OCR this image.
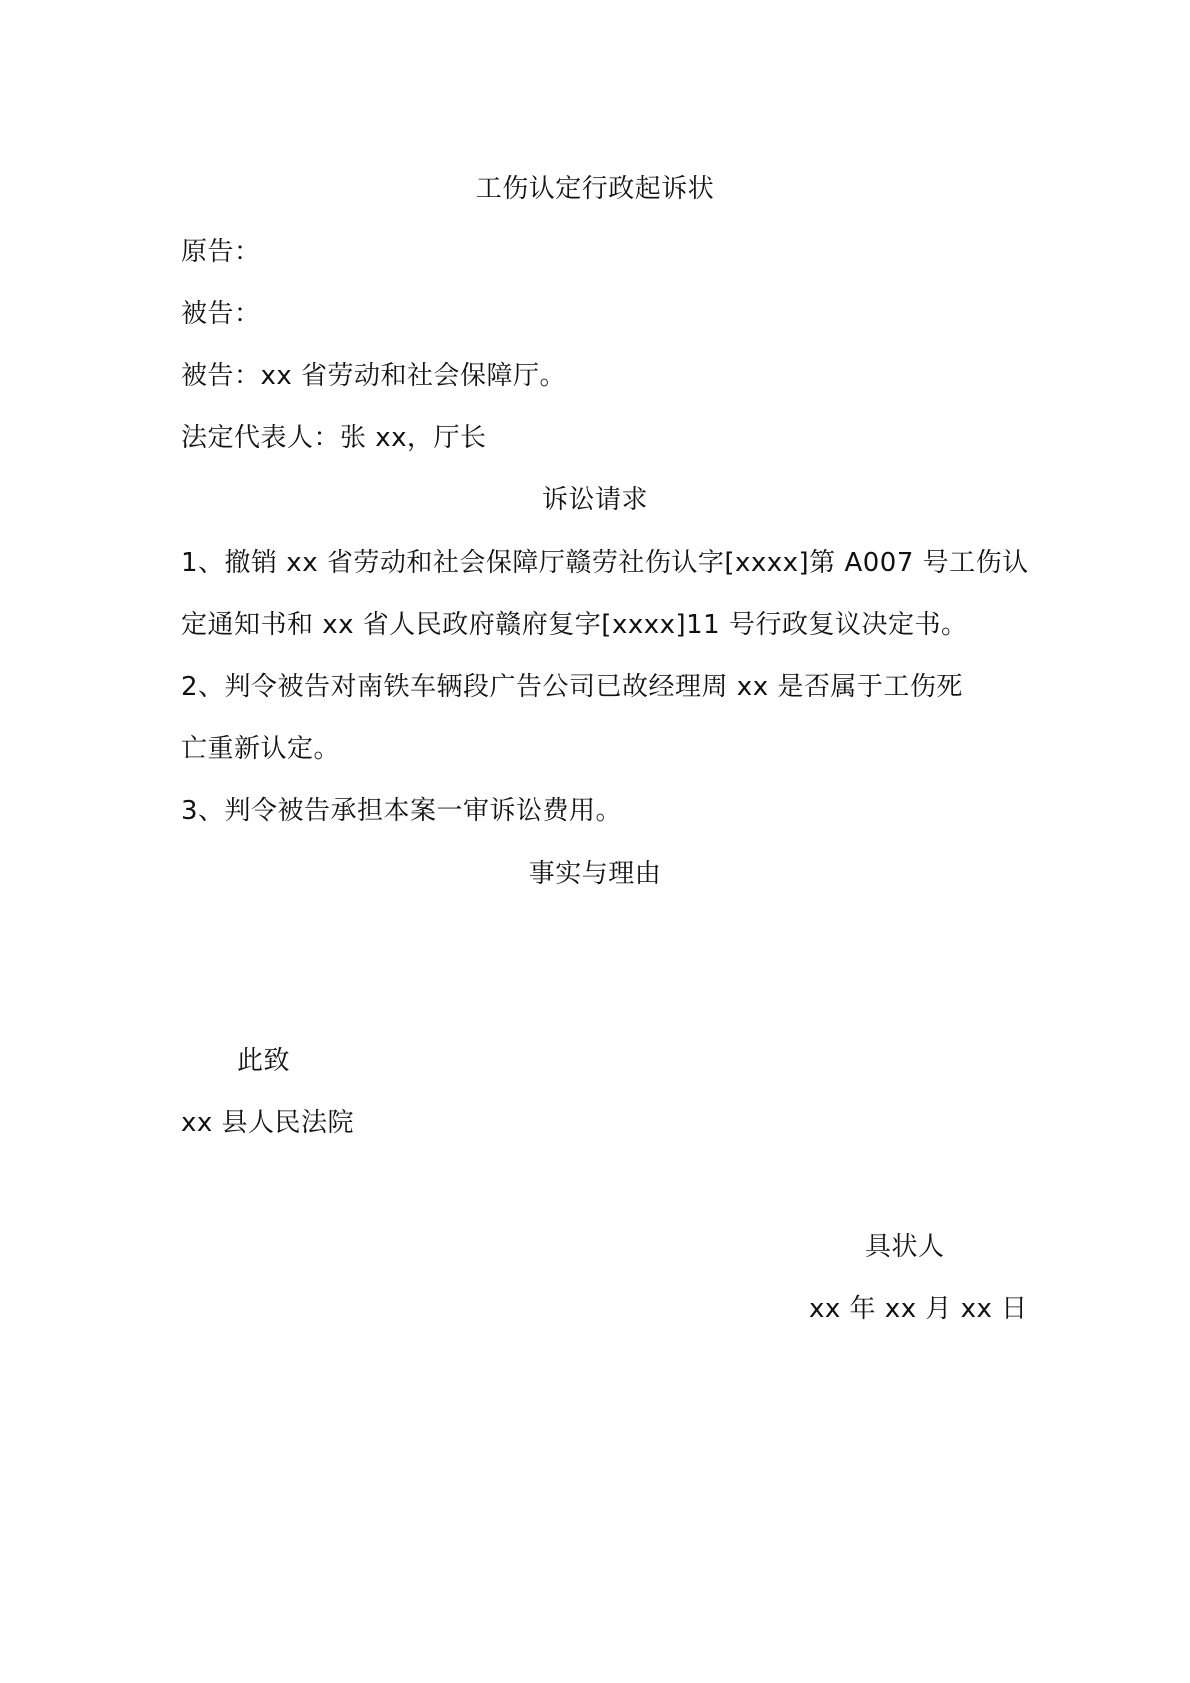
工伤认定行政起诉状
原告：
被告：
被告：xx 省劳动和社会保障厅。
法定代表人：张 xx，厅长
诉讼请求
1、撤销 xx 省劳动和社会保障厅赣劳社伤认字[xxxx]第 A007 号工伤认
定通知书和 xx 省人民政府赣府复字[xxxx]11 号行政复议决定书。
2、判令被告对南铁车辆段广告公司已故经理周 xx 是否属于工伤死
亡重新认定。
3、判令被告承担本案一审诉讼费用。
事实与理由
此致
xx 县人民法院
具状人
xx 年 xx 月 xx 日
